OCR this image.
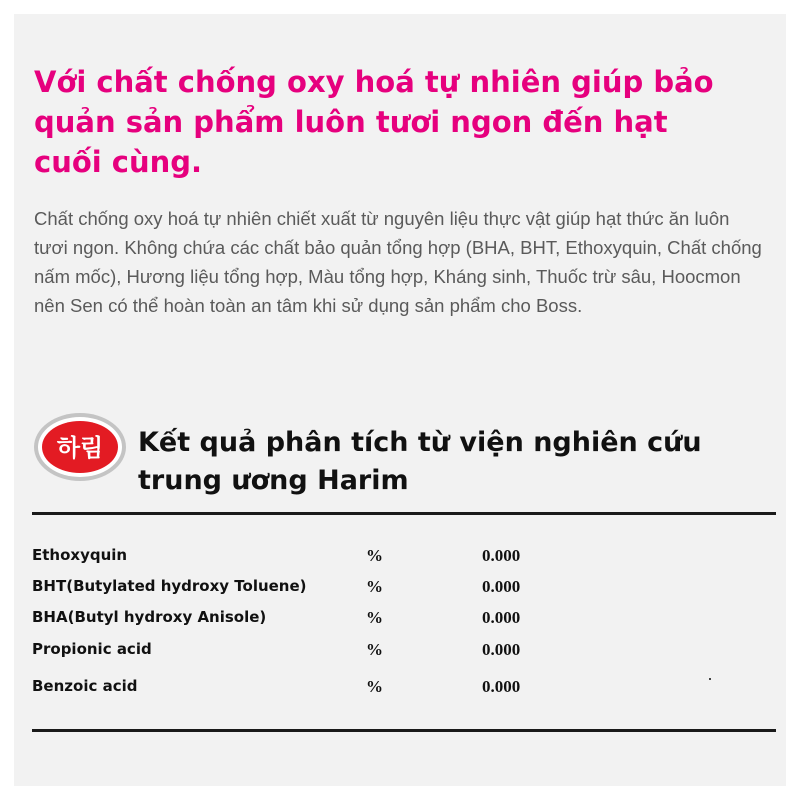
Với chất chống oxy hoá tự nhiên giúp bảo quản sản phẩm luôn tươi ngon đến hạt cuối cùng.

Chất chống oxy hoá tự nhiên chiết xuất từ nguyên liệu thực vật giúp hạt thức ăn luôn tươi ngon. Không chứa các chất bảo quản tổng hợp (BHA, BHT, Ethoxyquin, Chất chống nấm mốc), Hương liệu tổng hợp, Màu tổng hợp, Kháng sinh, Thuốc trừ sâu, Hoocmon nên Sen có thể hoàn toàn an tâm khi sử dụng sản phẩm cho Boss.

하림 Kết quả phân tích từ viện nghiên cứu trung ương Harim
Ethoxyquin	%	0.000
BHT(Butylated hydroxy Toluene)	%	0.000
BHA(Butyl hydroxy Anisole)	%	0.000
Propionic acid	%	0.000
Benzoic acid	%	0.000
